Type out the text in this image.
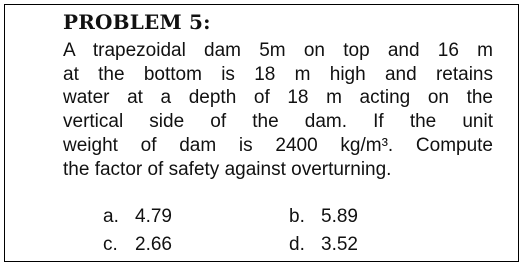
PROBLEM 5:
A trapezoidal dam 5m on top and 16 m
at the bottom is 18 m high and retains
water at a depth of 18 m acting on the
vertical side of the dam. If the unit
weight of dam is 2400 kg/m³. Compute
the factor of safety against overturning.
a. 4.79	b. 5.89
c. 2.66	d. 3.52
